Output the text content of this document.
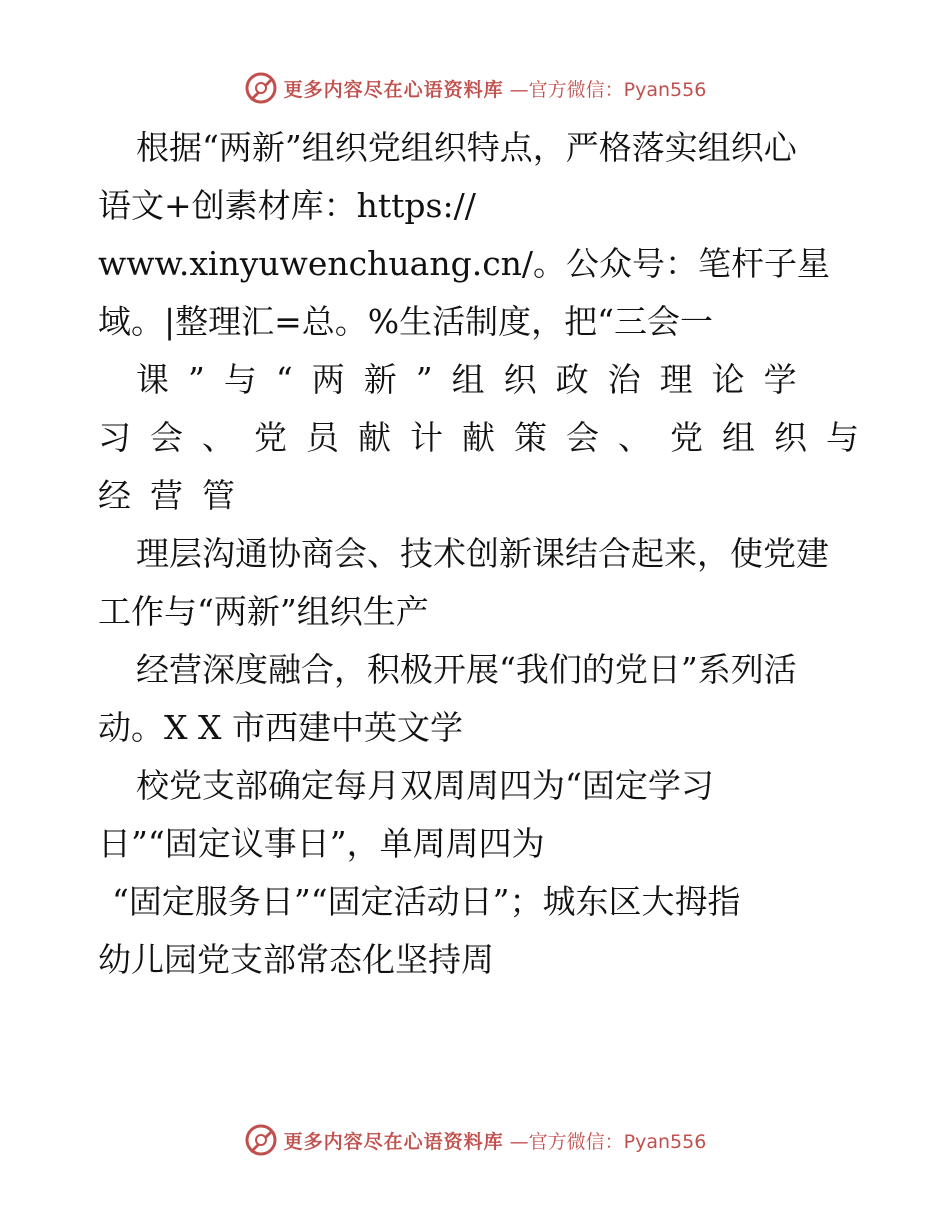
更多内容尽在心语资料库 —官方微信：Pyan556
根据“两新”组织党组织特点，严格落实组织心
语文+创素材库：https://
www.xinyuwenchuang.cn/。公众号：笔杆子星
域。|整理汇=总。%生活制度，把“三会一
课”与“两新”组织政治理论学
习会、党员献计献策会、党组织与
经营管
理层沟通协商会、技术创新课结合起来，使党建
工作与“两新”组织生产
经营深度融合，积极开展“我们的党日”系列活
动。X X 市西建中英文学
校党支部确定每月双周周四为“固定学习
日”“固定议事日”，单周周四为
“固定服务日”“固定活动日”；城东区大拇指
幼儿园党支部常态化坚持周
更多内容尽在心语资料库 —官方微信：Pyan556
